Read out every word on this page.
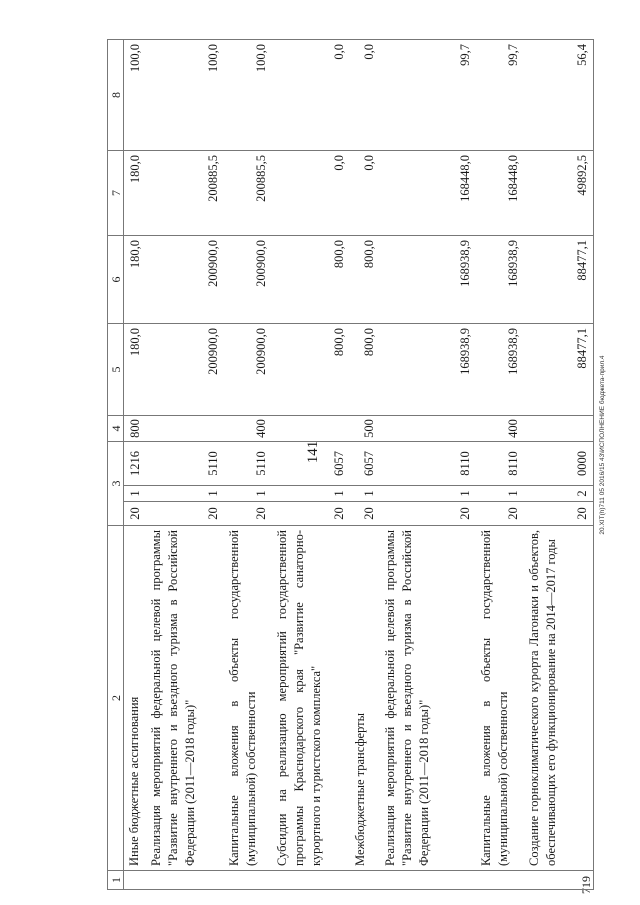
141	20.XIT(h)711 05 2016/15 43\ИСПОЛНЕНИЕ бюджета-прил.4
719
1	2	3			4	5	6	7	8
	Иные бюджетные ассигнования	20	1	1216	800	180,0	180,0	180,0	100,0
	Реализация мероприятий федеральной целевой программы "Развитие внутреннего и въездного туризма в Российской Федерации (2011—2018 годы)"	20	1	5110		200900,0	200900,0	200885,5	100,0
	Капитальные вложения в объекты государственной (муниципальной) собственности	20	1	5110	400	200900,0	200900,0	200885,5	100,0
	Субсидии на реализацию мероприятий государственной программы Краснодарского края "Развитие санаторно-курортного и туристского комплекса"	20	1	6057		800,0	800,0	0,0	0,0
	Межбюджетные трансферты	20	1	6057	500	800,0	800,0	0,0	0,0
	Реализация мероприятий федеральной целевой программы "Развитие внутреннего и въездного туризма в Российской Федерации (2011—2018 годы)"	20	1	8110		168938,9	168938,9	168448,0	99,7
	Капитальные вложения в объекты государственной (муниципальной) собственности	20	1	8110	400	168938,9	168938,9	168448,0	99,7
	Создание горноклиматического курорта Лагонаки и объектов, обеспечивающих его функционирование на 2014—2017 годы	20	2	0000		88477,1	88477,1	49892,5	56,4
